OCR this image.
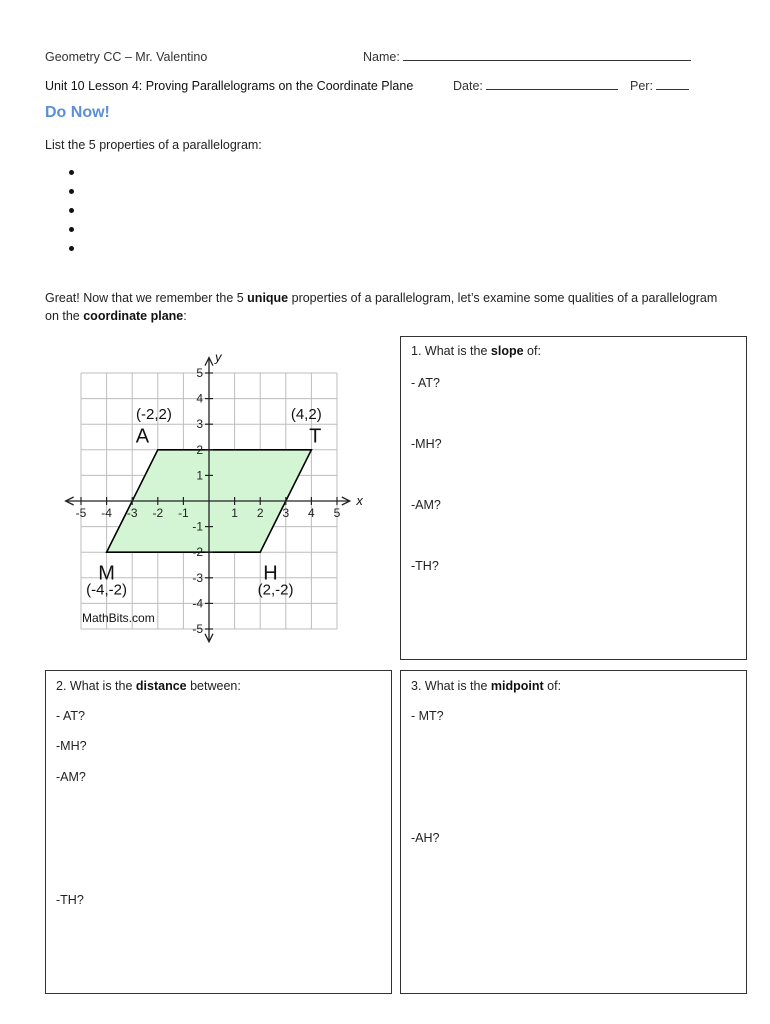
Geometry CC – Mr. Valentino	Name:
Unit 10 Lesson 4: Proving Parallelograms on the Coordinate Plane	Date:	Per:
Do Now!
List the 5 properties of a parallelogram:
Great! Now that we remember the 5 unique properties of a parallelogram, let’s examine some qualities of a parallelogram on the coordinate plane:
x
y
-5 -4 -3 -2 -1	1 2 3 4 5
5
4
3
2
1
-1
-2
-3
-4
-5
A
(-2,2)
T
(4,2)
M
(-4,-2)
H
(2,-2)
MathBits.com
1. What is the slope of:
- AT?
-MH?
-AM?
-TH?
2. What is the distance between:
- AT?
-MH?
-AM?
-TH?
3. What is the midpoint of:
- MT?
-AH?
